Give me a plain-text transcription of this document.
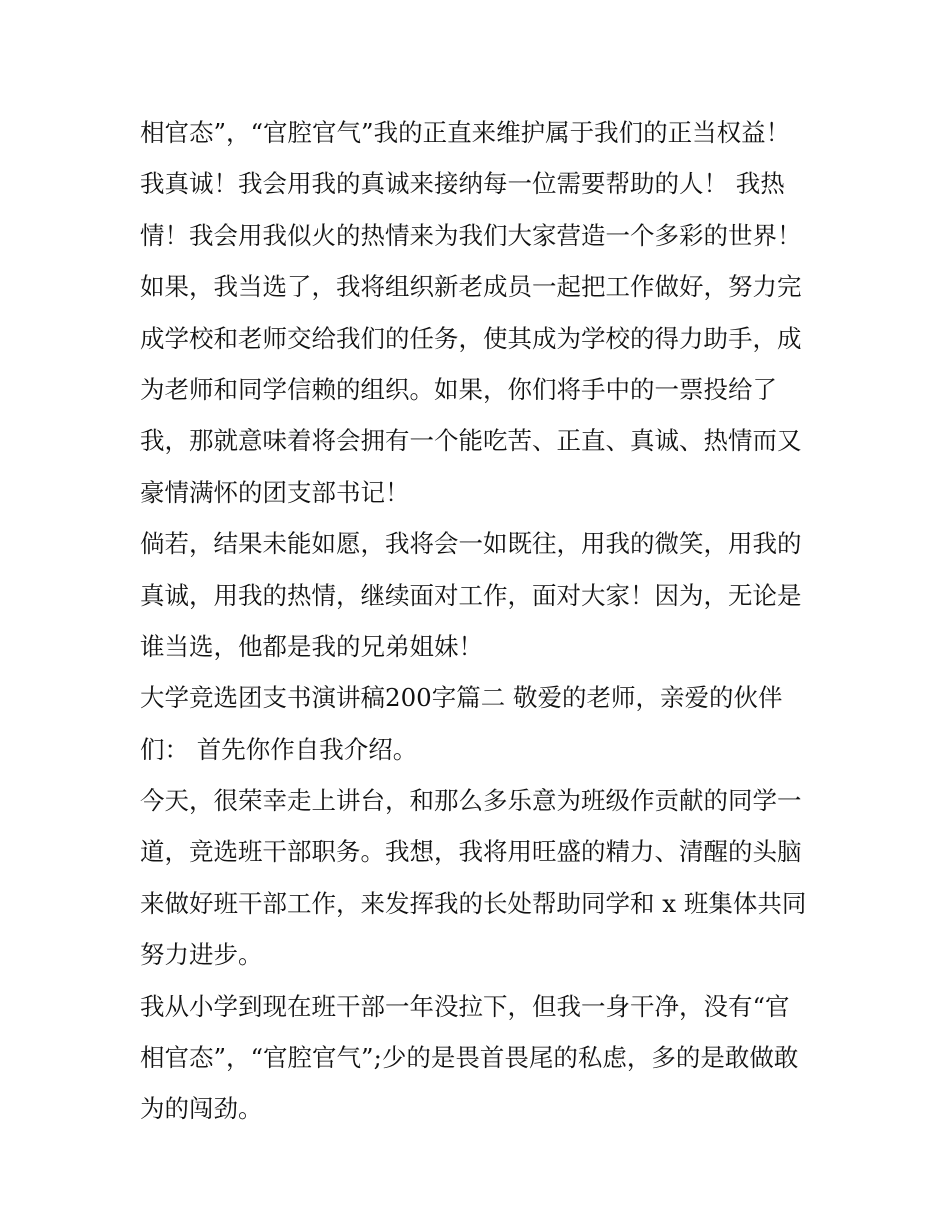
相官态”，“官腔官气”我的正直来维护属于我们的正当权益！
我真诚！我会用我的真诚来接纳每一位需要帮助的人！ 我热
情！我会用我似火的热情来为我们大家营造一个多彩的世界！
如果，我当选了，我将组织新老成员一起把工作做好，努力完
成学校和老师交给我们的任务，使其成为学校的得力助手，成
为老师和同学信赖的组织。如果，你们将手中的一票投给了
我，那就意味着将会拥有一个能吃苦、正直、真诚、热情而又
豪情满怀的团支部书记！
倘若，结果未能如愿，我将会一如既往，用我的微笑，用我的
真诚，用我的热情，继续面对工作，面对大家！因为，无论是
谁当选，他都是我的兄弟姐妹！
大学竞选团支书演讲稿200字篇二 敬爱的老师，亲爱的伙伴
们： 首先你作自我介绍。
今天，很荣幸走上讲台，和那么多乐意为班级作贡献的同学一
道，竞选班干部职务。我想，我将用旺盛的精力、清醒的头脑
来做好班干部工作，来发挥我的长处帮助同学和 x 班集体共同
努力进步。
我从小学到现在班干部一年没拉下，但我一身干净，没有“官
相官态”，“官腔官气”;少的是畏首畏尾的私虑，多的是敢做敢
为的闯劲。
